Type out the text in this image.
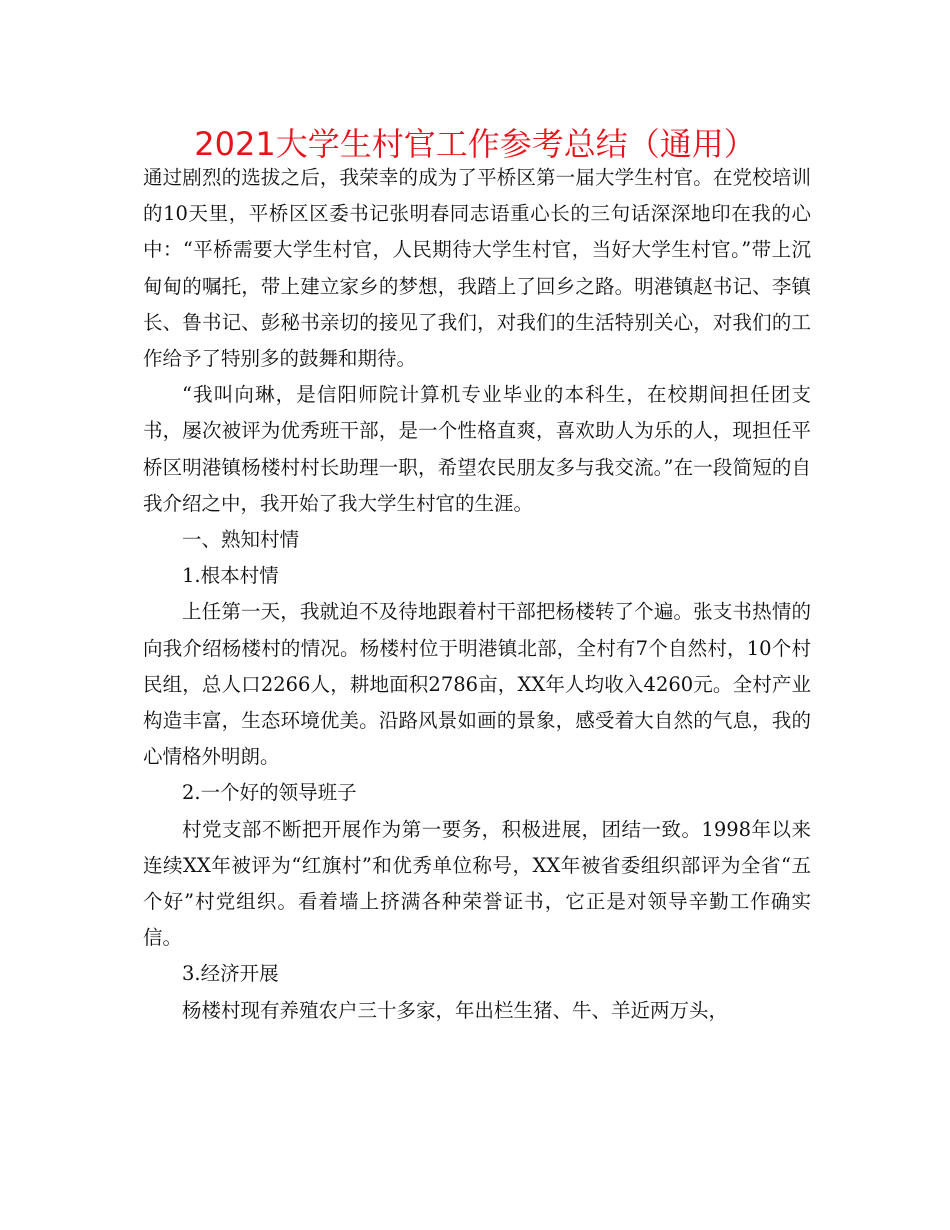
2021大学生村官工作参考总结（通用）

通过剧烈的选拔之后，我荣幸的成为了平桥区第一届大学生村官。在党校培训的10天里，平桥区区委书记张明春同志语重心长的三句话深深地印在我的心中：“平桥需要大学生村官，人民期待大学生村官，当好大学生村官。”带上沉甸甸的嘱托，带上建立家乡的梦想，我踏上了回乡之路。明港镇赵书记、李镇长、鲁书记、彭秘书亲切的接见了我们，对我们的生活特别关心，对我们的工作给予了特别多的鼓舞和期待。

“我叫向琳，是信阳师院计算机专业毕业的本科生，在校期间担任团支书，屡次被评为优秀班干部，是一个性格直爽，喜欢助人为乐的人，现担任平桥区明港镇杨楼村村长助理一职，希望农民朋友多与我交流。”在一段简短的自我介绍之中，我开始了我大学生村官的生涯。

一、熟知村情

1.根本村情

上任第一天，我就迫不及待地跟着村干部把杨楼转了个遍。张支书热情的向我介绍杨楼村的情况。杨楼村位于明港镇北部，全村有7个自然村，10个村民组，总人口2266人，耕地面积2786亩，XX年人均收入4260元。全村产业构造丰富，生态环境优美。沿路风景如画的景象，感受着大自然的气息，我的心情格外明朗。

2.一个好的领导班子

村党支部不断把开展作为第一要务，积极进展，团结一致。1998年以来连续XX年被评为“红旗村”和优秀单位称号，XX年被省委组织部评为全省“五个好”村党组织。看着墙上挤满各种荣誉证书，它正是对领导辛勤工作确实信。

3.经济开展

杨楼村现有养殖农户三十多家，年出栏生猪、牛、羊近两万头，
